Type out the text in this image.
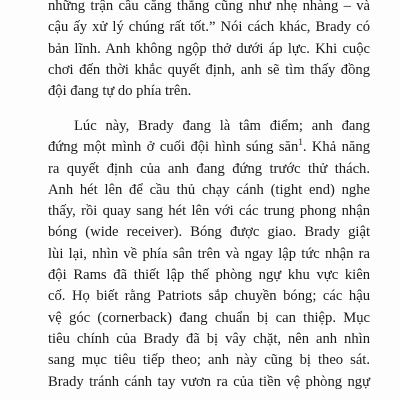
những trận cầu căng thẳng cũng như nhẹ nhàng – và
cậu ấy xử lý chúng rất tốt.” Nói cách khác, Brady có
bản lĩnh. Anh không ngộp thở dưới áp lực. Khi cuộc
chơi đến thời khắc quyết định, anh sẽ tìm thấy đồng
đội đang tự do phía trên.
Lúc này, Brady đang là tâm điểm; anh đang
đứng một mình ở cuối đội hình súng săn$^1$. Khả năng
ra quyết định của anh đang đứng trước thử thách.
Anh hét lên để cầu thủ chạy cánh (tight end) nghe
thấy, rồi quay sang hét lên với các trung phong nhận
bóng (wide receiver). Bóng được giao. Brady giật
lùi lại, nhìn về phía sân trên và ngay lập tức nhận ra
đội Rams đã thiết lập thế phòng ngự khu vực kiên
cố. Họ biết rằng Patriots sắp chuyền bóng; các hậu
vệ góc (cornerback) đang chuẩn bị can thiệp. Mục
tiêu chính của Brady đã bị vây chặt, nên anh nhìn
sang mục tiêu tiếp theo; anh này cũng bị theo sát.
Brady tránh cánh tay vươn ra của tiền vệ phòng ngự
